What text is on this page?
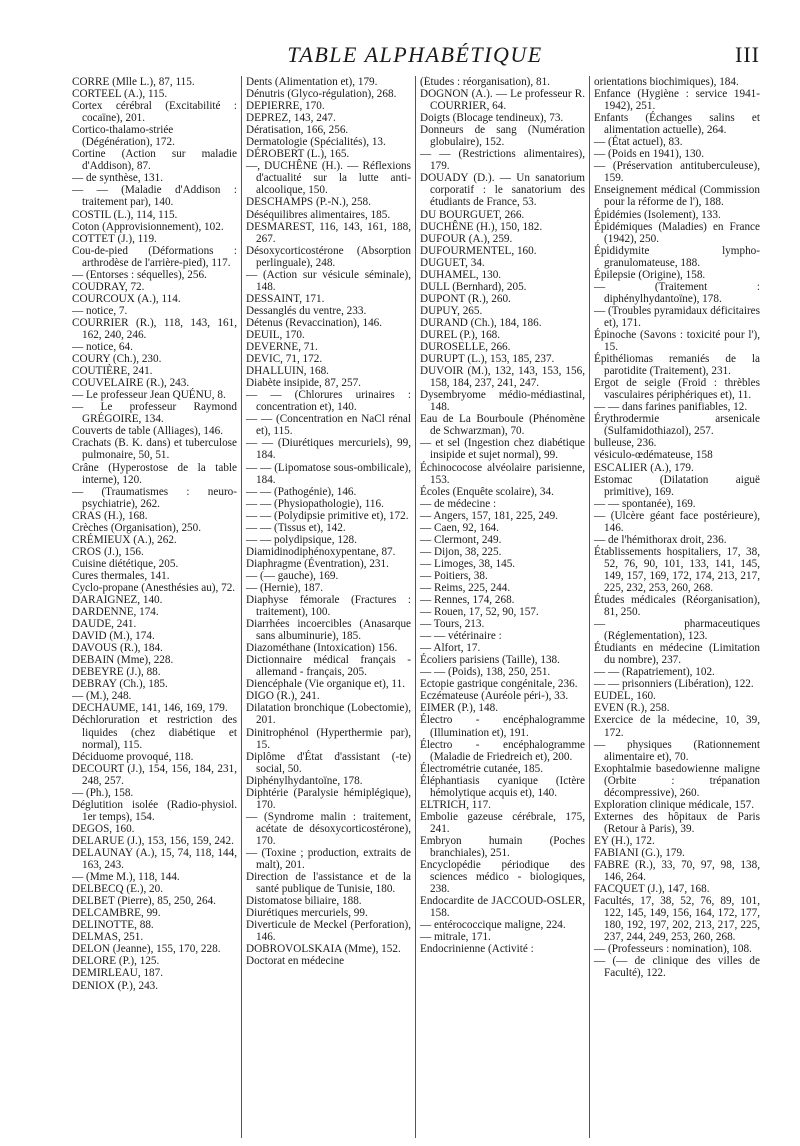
TABLE ALPHABÉTIQUE	III
CORRE (Mlle L.), 87, 115.
CORTEEL (A.), 115.
Cortex cérébral (Excitabilité : cocaïne), 201.
Cortico-thalamo-striée (Dégénération), 172.
Cortine (Action sur maladie d'Addison), 87.
— de synthèse, 131.
— — (Maladie d'Addison : traitement par), 140.
COSTIL (L.), 114, 115.
Coton (Approvisionnement), 102.
COTTET (J.), 119.
Cou-de-pied (Déformations : arthrodèse de l'arrière-pied), 117.
— (Entorses : séquelles), 256.
COUDRAY, 72.
COURCOUX (A.), 114.
— notice, 7.
COURRIER (R.), 118, 143, 161, 162, 240, 246.
— notice, 64.
COURY (Ch.), 230.
COUTIÈRE, 241.
COUVELAIRE (R.), 243.
— Le professeur Jean QUÉNU, 8.
— Le professeur Raymond GRÉGOIRE, 134.
Couverts de table (Alliages), 146.
Crachats (B. K. dans) et tuberculose pulmonaire, 50, 51.
Crâne (Hyperostose de la table interne), 120.
— (Traumatismes : neuro-psychiatrie), 262.
CRAS (H.), 168.
Crèches (Organisation), 250.
CRÉMIEUX (A.), 262.
CROS (J.), 156.
Cuisine diététique, 205.
Cures thermales, 141.
Cyclo-propane (Anesthésies au), 72.
DARAIGNEZ, 140.
DARDENNE, 174.
DAUDE, 241.
DAVID (M.), 174.
DAVOUS (R.), 184.
DEBAIN (Mme), 228.
DEBEYRE (J.), 88.
DEBRAY (Ch.), 185.
— (M.), 248.
DECHAUME, 141, 146, 169, 179.
Déchloruration et restriction des liquides (chez diabétique et normal), 115.
Déciduome provoqué, 118.
DECOURT (J.), 154, 156, 184, 231, 248, 257.
— (Ph.), 158.
Déglutition isolée (Radio-physiol. 1er temps), 154.
DEGOS, 160.
DELARUE (J.), 153, 156, 159, 242.
DELAUNAY (A.), 15, 74, 118, 144, 163, 243.
— (Mme M.), 118, 144.
DELBECQ (E.), 20.
DELBET (Pierre), 85, 250, 264.
DELCAMBRE, 99.
DELINOTTE, 88.
DELMAS, 251.
DELON (Jeanne), 155, 170, 228.
DELORE (P.), 125.
DEMIRLEAU, 187.
DENIOX (P.), 243.
Dents (Alimentation et), 179.
Dénutris (Glyco-régulation), 268.
DEPIERRE, 170.
DEPREZ, 143, 247.
Dératisation, 166, 256.
Dermatologie (Spécialités), 13.
DÉROBERT (L.), 165.
—, DUCHÊNE (H.). — Réflexions d'actualité sur la lutte anti-alcoolique, 150.
DESCHAMPS (P.-N.), 258.
Déséquilibres alimentaires, 185.
DESMAREST, 116, 143, 161, 188, 267.
Désoxycorticostérone (Absorption perlinguale), 248.
— (Action sur vésicule séminale), 148.
DESSAINT, 171.
Dessanglés du ventre, 233.
Détenus (Revaccination), 146.
DEUIL, 170.
DEVERNE, 71.
DEVIC, 71, 172.
DHALLUIN, 168.
Diabète insipide, 87, 257.
— — (Chlorures urinaires : concentration et), 140.
— — (Concentration en NaCl rénal et), 115.
— — (Diurétiques mercuriels), 99, 184.
— — (Lipomatose sous-ombilicale), 184.
— — (Pathogénie), 146.
— — (Physiopathologie), 116.
— — (Polydipsie primitive et), 172.
— — (Tissus et), 142.
— — polydipsique, 128.
Diamidinodiphénoxypentane, 87.
Diaphragme (Éventration), 231.
— (— gauche), 169.
— (Hernie), 187.
Diaphyse fémorale (Fractures : traitement), 100.
Diarrhées incoercibles (Anasarque sans albuminurie), 185.
Diazométhane (Intoxication) 156.
Dictionnaire médical français - allemand - français, 205.
Diencéphale (Vie organique et), 11.
DIGO (R.), 241.
Dilatation bronchique (Lobectomie), 201.
Dinitrophénol (Hyperthermie par), 15.
Diplôme d'État d'assistant (-te) social, 50.
Diphénylhydantoïne, 178.
Diphtérie (Paralysie hémiplégique), 170.
— (Syndrome malin : traitement, acétate de désoxycorticostérone), 170.
— (Toxine ; production, extraits de malt), 201.
Direction de l'assistance et de la santé publique de Tunisie, 180.
Distomatose biliaire, 188.
Diurétiques mercuriels, 99.
Diverticule de Meckel (Perforation), 146.
DOBROVOLSKAIA (Mme), 152.
Doctorat en médecine
(Études : réorganisation), 81.
DOGNON (A.). — Le professeur R. COURRIER, 64.
Doigts (Blocage tendineux), 73.
Donneurs de sang (Numération globulaire), 152.
— — (Restrictions alimentaires), 179.
DOUADY (D.). — Un sanatorium corporatif : le sanatorium des étudiants de France, 53.
DU BOURGUET, 266.
DUCHÊNE (H.), 150, 182.
DUFOUR (A.), 259.
DUFOURMENTEL, 160.
DUGUET, 34.
DUHAMEL, 130.
DULL (Bernhard), 205.
DUPONT (R.), 260.
DUPUY, 265.
DURAND (Ch.), 184, 186.
DUREL (P.), 168.
DUROSELLE, 266.
DURUPT (L.), 153, 185, 237.
DUVOIR (M.), 132, 143, 153, 156, 158, 184, 237, 241, 247.
Dysembryome médio-médiastinal, 148.
Eau de La Bourboule (Phénomène de Schwarzman), 70.
— et sel (Ingestion chez diabétique insipide et sujet normal), 99.
Échinococose alvéolaire parisienne, 153.
Écoles (Enquête scolaire), 34.
— de médecine :
— Angers, 157, 181, 225, 249.
— Caen, 92, 164.
— Clermont, 249.
— Dijon, 38, 225.
— Limoges, 38, 145.
— Poitiers, 38.
— Reims, 225, 244.
— Rennes, 174, 268.
— Rouen, 17, 52, 90, 157.
— Tours, 213.
— — vétérinaire :
— Alfort, 17.
Écoliers parisiens (Taille), 138.
— — (Poids), 138, 250, 251.
Ectopie gastrique congénitale, 236.
Eczémateuse (Auréole péri-), 33.
EIMER (P.), 148.
Électro - encéphalogramme (Illumination et), 191.
Électro - encéphalogramme (Maladie de Friedreich et), 200.
Électrométrie cutanée, 185.
Éléphantiasis cyanique (Ictère hémolytique acquis et), 140.
ELTRICH, 117.
Embolie gazeuse cérébrale, 175, 241.
Embryon humain (Poches branchiales), 251.
Encyclopédie périodique des sciences médico - biologiques, 238.
Endocardite de JACCOUD-OSLER, 158.
— entérococcique maligne, 224.
— mitrale, 171.
Endocrinienne (Activité :
orientations biochimiques), 184.
Enfance (Hygiène : service 1941-1942), 251.
Enfants (Échanges salins et alimentation actuelle), 264.
— (État actuel), 83.
— (Poids en 1941), 130.
— (Préservation antituberculeuse), 159.
Enseignement médical (Commission pour la réforme de l'), 188.
Épidémies (Isolement), 133.
Épidémiques (Maladies) en France (1942), 250.
Épididymite lympho-granulomateuse, 188.
Épilepsie (Origine), 158.
— (Traitement : diphénylhydantoïne), 178.
— (Troubles pyramidaux déficitaires et), 171.
Épinoche (Savons : toxicité pour l'), 15.
Épithéliomas remaniés de la parotidite (Traitement), 231.
Ergot de seigle (Froid : thrèbles vasculaires périphériques et), 11.
— — dans farines panifiables, 12.
Érythrodermie arsenicale (Sulfamidothiazol), 257.
bulleuse, 236.
vésiculo-œdémateuse, 158
ESCALIER (A.), 179.
Estomac (Dilatation aiguë primitive), 169.
— — spontanée), 169.
— (Ulcère géant face postérieure), 146.
— de l'hémithorax droit, 236.
Établissements hospitaliers, 17, 38, 52, 76, 90, 101, 133, 141, 145, 149, 157, 169, 172, 174, 213, 217, 225, 232, 253, 260, 268.
Études médicales (Réorganisation), 81, 250.
— pharmaceutiques (Réglementation), 123.
Étudiants en médecine (Limitation du nombre), 237.
— — (Rapatriement), 102.
— — prisonniers (Libération), 122.
EUDEL, 160.
EVEN (R.), 258.
Exercice de la médecine, 10, 39, 172.
— physiques (Rationnement alimentaire et), 70.
Exophtalmie basedowienne maligne (Orbite : trépanation décompressive), 260.
Exploration clinique médicale, 157.
Externes des hôpitaux de Paris (Retour à Paris), 39.
EY (H.), 172.
FABIANI (G.), 179.
FABRE (R.), 33, 70, 97, 98, 138, 146, 264.
FACQUET (J.), 147, 168.
Facultés, 17, 38, 52, 76, 89, 101, 122, 145, 149, 156, 164, 172, 177, 180, 192, 197, 202, 213, 217, 225, 237, 244, 249, 253, 260, 268.
— (Professeurs : nomination), 108.
— (— de clinique des villes de Faculté), 122.
